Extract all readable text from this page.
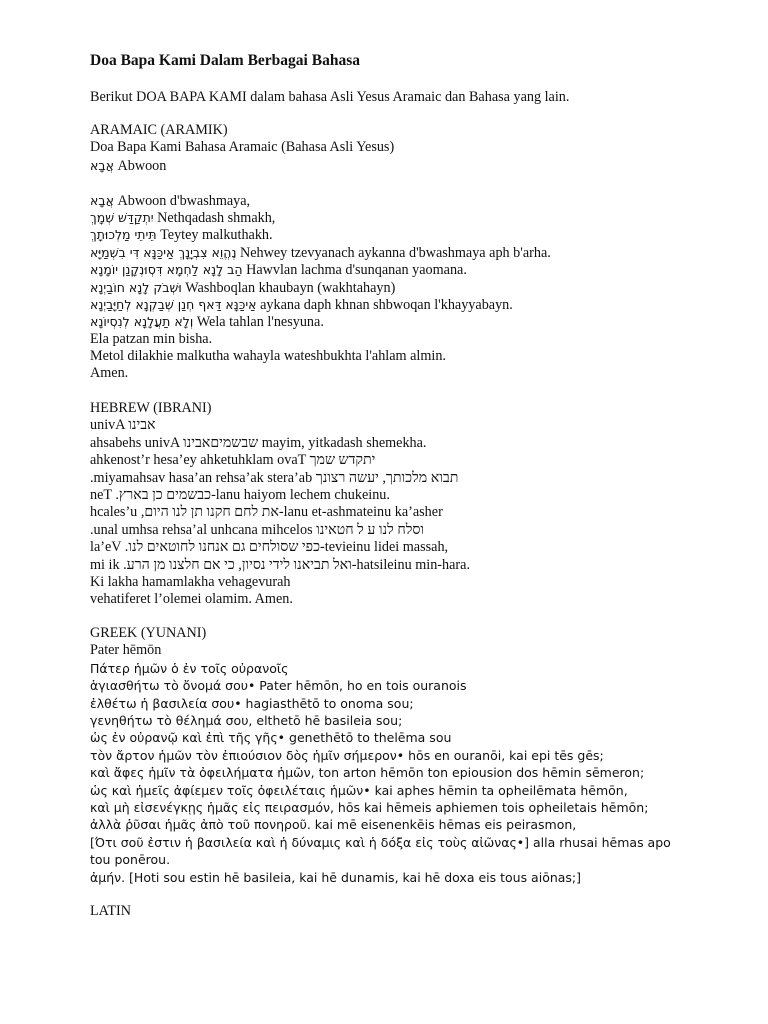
Doa Bapa Kami Dalam Berbagai Bahasa

Berikut DOA BAPA KAMI dalam bahasa Asli Yesus Aramaic dan Bahasa yang lain.

ARAMAIC (ARAMIK)
Doa Bapa Kami Bahasa Aramaic (Bahasa Asli Yesus)
אֲבָא Abwoon
אֲבָא Abwoon d'bwashmaya,
יִתְקַדַּשׁ שְׁמָךְ Nethqadash shmakh,
תֵּיתֵי מַלְכוּתָךְ Teytey malkuthakh.
נֶהֱוֵא צִבְיָנָךְ אַיכַּנָּא דִּי בִשְׁמַיָּא Nehwey tzevyanach aykanna d'bwashmaya aph b'arha.
הַב לָנָא לַחְמָא דִּסְוּנְקָנַן יוֹמָנָא Hawvlan lachma d'sunqanan yaomana.
וּשְׁבֹק לָנָא חוֹבַיְנָא Washboqlan khaubayn (wakhtahayn)
אַיכַּנָּא דַּאף חְנַן שְׁבַקְנָא לְחַיָּבַיְנָא aykana daph khnan shbwoqan l'khayyabayn.
וְלָא תַעֲלָנָא לְנִסְיוֹנָא Wela tahlan l'nesyuna.
Ela patzan min bisha.
Metol dilakhie malkutha wahayla wateshbukhta l'ahlam almin.
Amen.
HEBREW (IBRANI)
univA אבינו
ahsabehs univA שבשמיםאבינו mayim, yitkadash shemekha.
ahkenost’r hesa’ey ahketuhklam ovaT יתקדש שמך
.miyamahsav hasa’an rehsa’ak stera’ab תבוא מלכותך, יעשה רצונך
neT .כבשמים כן בארץ-lanu haiyom lechem chukeinu.
hcales’u ,את לחם חקנו תן לנו היום-lanu et-ashmateinu ka’asher
.unal umhsa rehsa’al unhcana mihcelos וסלח לנו ע ל חטאינו
la’eV .כפי שסולחים גם אנחנו לחוטאים לנו-tevieinu lidei massah,
mi ik .ואל תביאנו לידי נסיון, כי אם חלצנו מן הרע-hatsileinu min-hara.
Ki lakha hamamlakha vehagevurah
vehatiferet l’olemei olamim. Amen.
GREEK (YUNANI)
Pater hēmōn
Πάτερ ἡμῶν ὁ ἐν τοῖς οὐρανοῖς
ἁγιασθήτω τὸ ὄνομά σου• Pater hēmōn, ho en tois ouranois
ἐλθέτω ἡ βασιλεία σου• hagiasthētō to onoma sou;
γενηθήτω τὸ θέλημά σου, elthetō hē basileia sou;
ὡς ἐν οὐρανῷ καὶ ἐπὶ τῆς γῆς• genethētō to thelēma sou
τὸν ἄρτον ἡμῶν τὸν ἐπιούσιον δὸς ἡμῖν σήμερον• hōs en ouranōi, kai epi tēs gēs;
καὶ ἄφες ἡμῖν τὰ ὀφειλήματα ἡμῶν, ton arton hēmōn ton epiousion dos hēmin sēmeron;
ὡς καὶ ἡμεῖς ἀφίεμεν τοῖς ὀφειλέταις ἡμῶν• kai aphes hēmin ta opheilēmata hēmōn,
καὶ μὴ εἰσενέγκῃς ἡμᾶς εἰς πειρασμόν, hōs kai hēmeis aphiemen tois opheiletais hēmōn;
ἀλλὰ ῥῦσαι ἡμᾶς ἀπὸ τοῦ πονηροῦ. kai mē eisenenkēis hēmas eis peirasmon,
[Ότι σοῦ ἐστιν ἡ βασιλεία καὶ ἡ δύναμις καὶ ἡ δόξα εἰς τοὺς αἰῶνας•] alla rhusai hēmas apo tou ponērou.
ἀμήν. [Hoti sou estin hē basileia, kai hē dunamis, kai hē doxa eis tous aiōnas;]
LATIN
